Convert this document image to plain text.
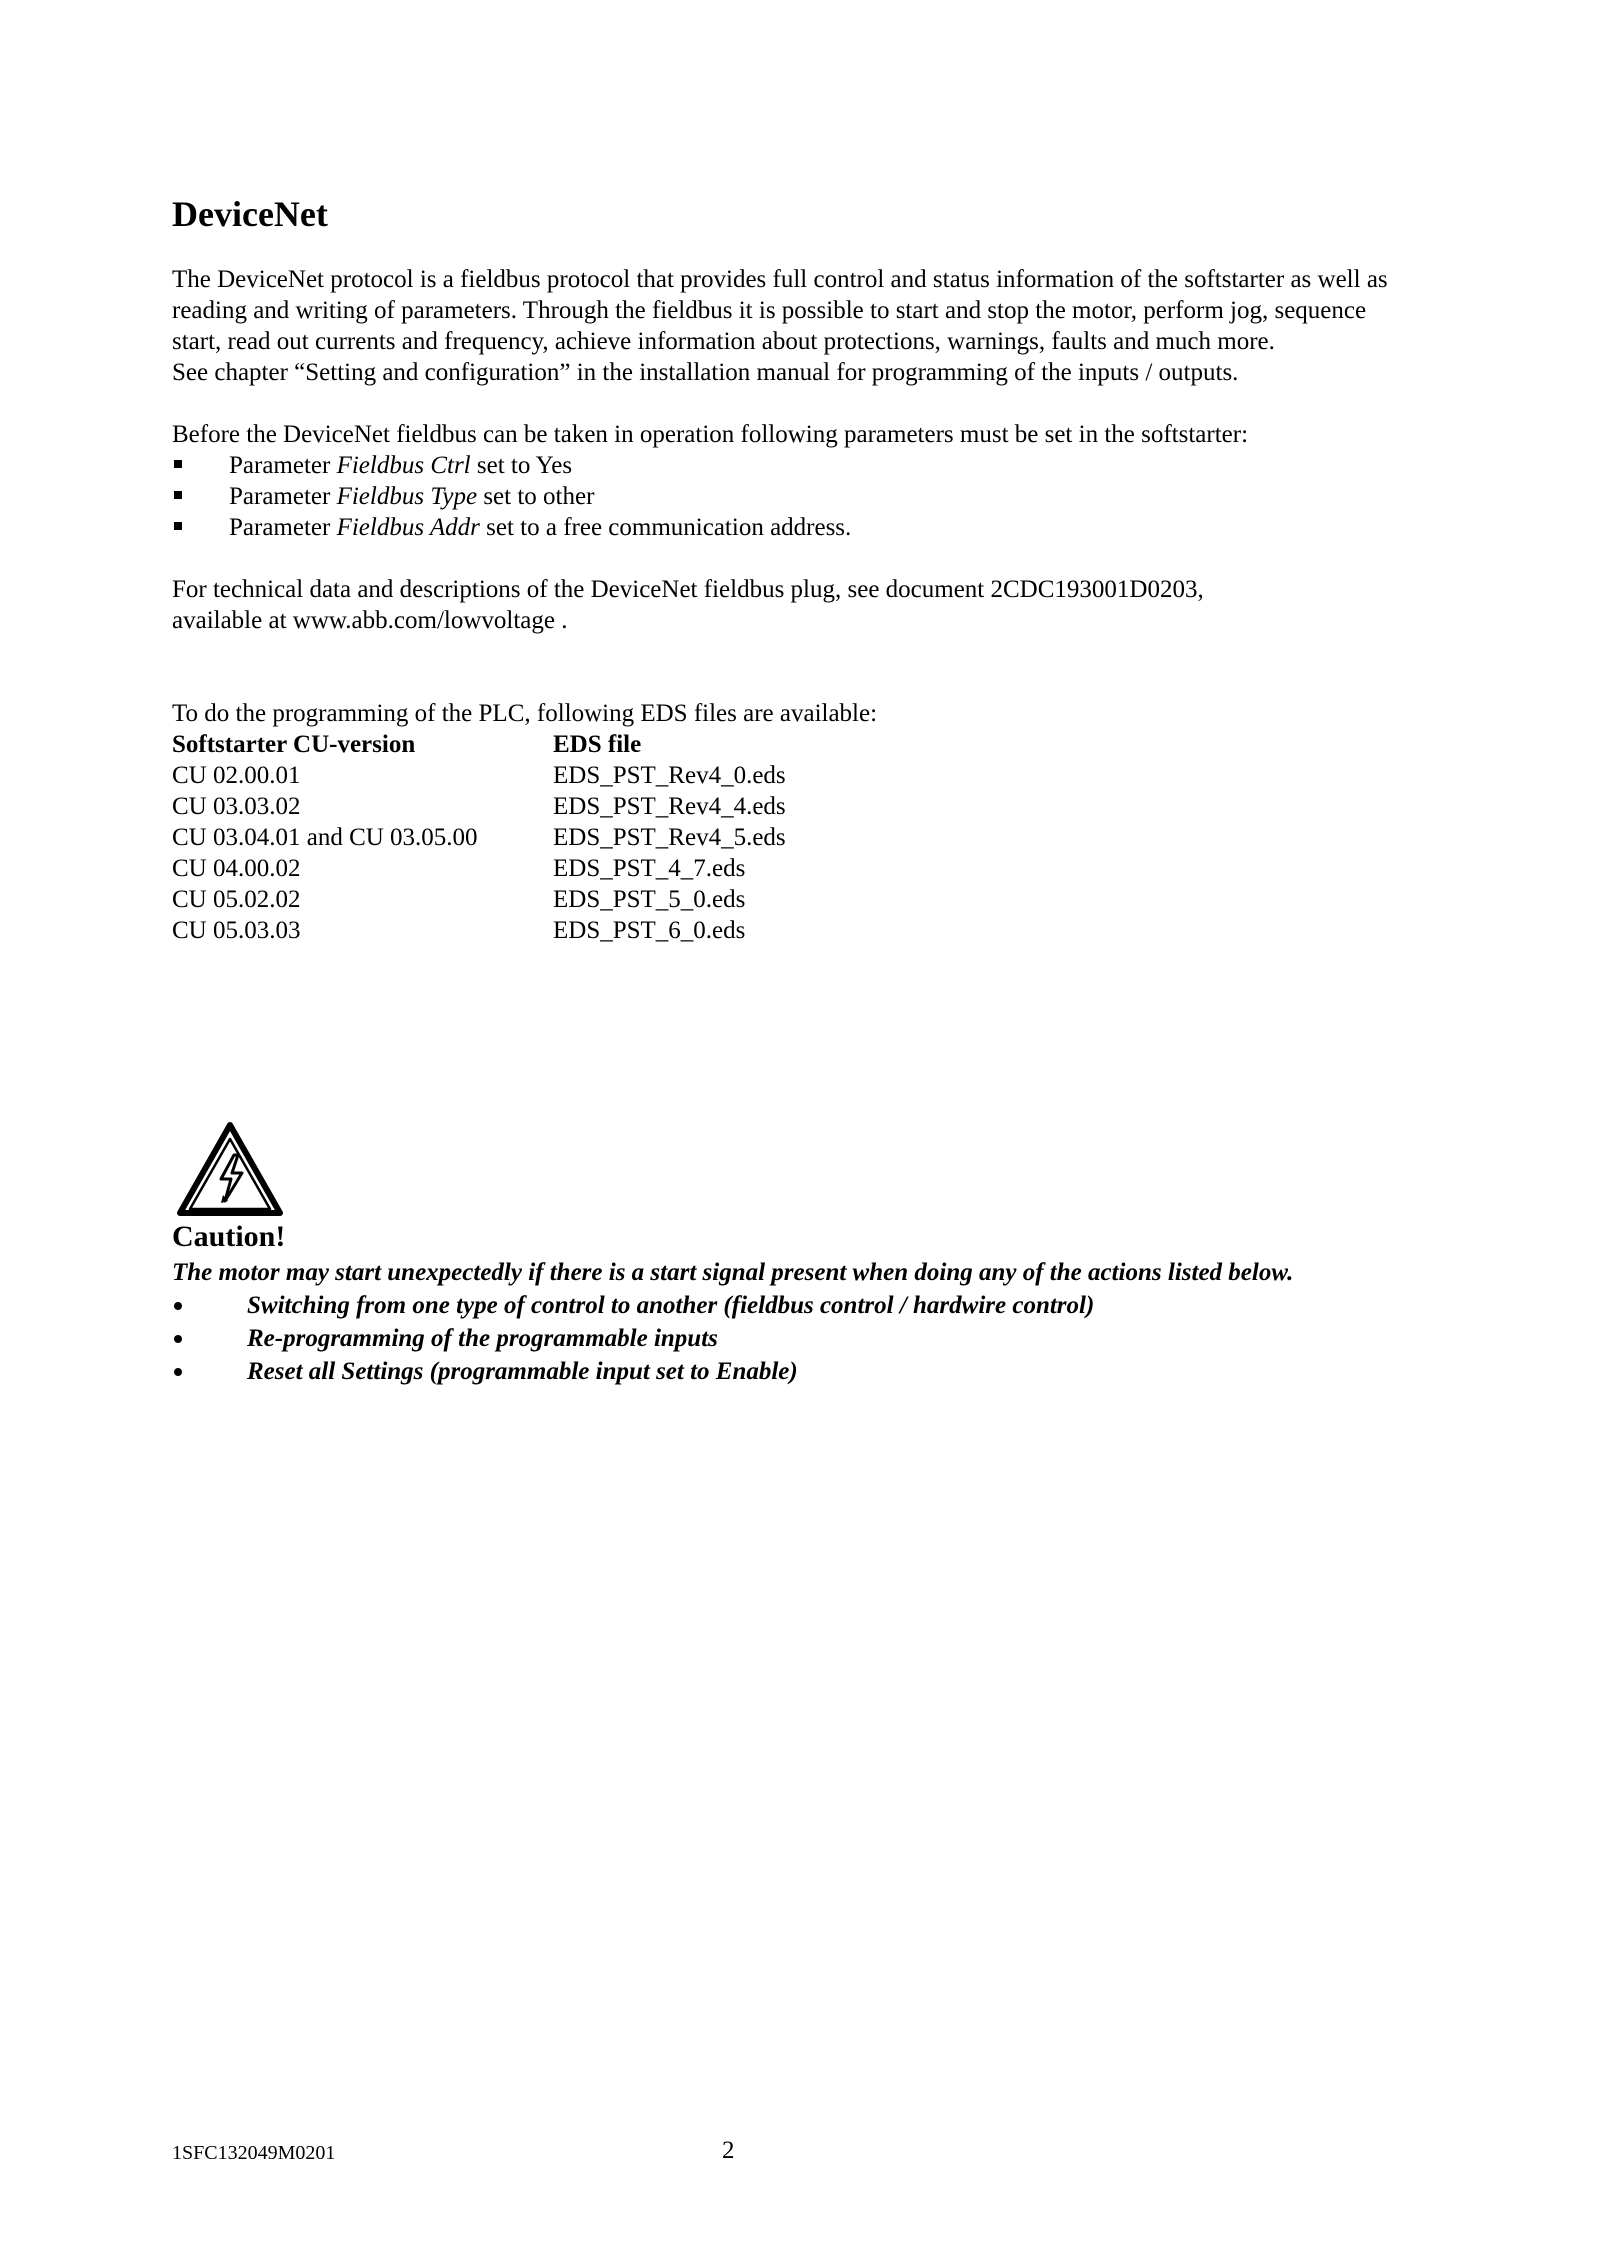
DeviceNet

The DeviceNet protocol is a fieldbus protocol that provides full control and status information of the softstarter as well as reading and writing of parameters. Through the fieldbus it is possible to start and stop the motor, perform jog, sequence start, read out currents and frequency, achieve information about protections, warnings, faults and much more.

See chapter “Setting and configuration” in the installation manual for programming of the inputs / outputs.

Before the DeviceNet fieldbus can be taken in operation following parameters must be set in the softstarter:

Parameter Fieldbus Ctrl set to Yes
Parameter Fieldbus Type set to other
Parameter Fieldbus Addr set to a free communication address.

For technical data and descriptions of the DeviceNet fieldbus plug, see document 2CDC193001D0203,

available at www.abb.com/lowvoltage .

To do the programming of the PLC, following EDS files are available:

Softstarter CU-version	EDS file
CU 02.00.01	EDS_PST_Rev4_0.eds
CU 03.03.02	EDS_PST_Rev4_4.eds
CU 03.04.01 and CU 03.05.00	EDS_PST_Rev4_5.eds
CU 04.00.02	EDS_PST_4_7.eds
CU 05.02.02	EDS_PST_5_0.eds
CU 05.03.03	EDS_PST_6_0.eds
Caution!

The motor may start unexpectedly if there is a start signal present when doing any of the actions listed below.

Switching from one type of control to another (fieldbus control / hardwire control)
Re-programming of the programmable inputs
Reset all Settings (programmable input set to Enable)
1SFC132049M0201	2
